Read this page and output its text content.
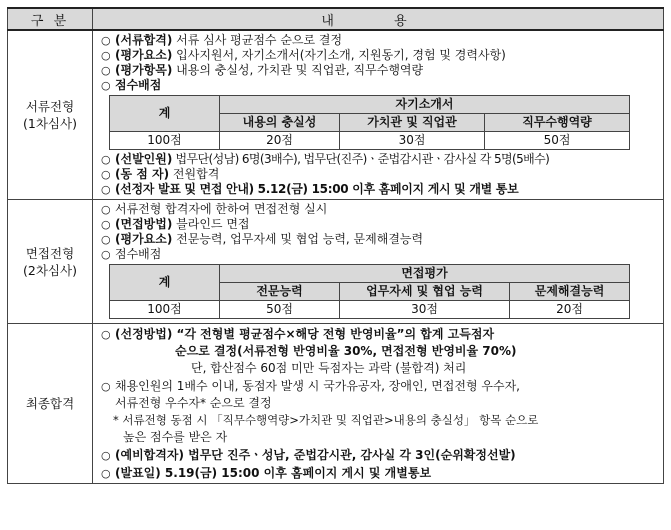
구 분	내 용

서류전형
(1차심사)

○ (서류합격) 서류 심사 평균점수 순으로 결정
○ (평가요소) 입사지원서, 자기소개서(자기소개, 지원동기, 경험 및 경력사항)
○ (평가항목) 내용의 충실성, 가치관 및 직업관, 직무수행역량
○ 점수배점
계	자기소개서
내용의 충실성	가치관 및 직업관	직무수행역량
100점	20점	30점	50점
○ (선발인원) 법무단(성남) 6명(3배수), 법무단(진주)ㆍ준법감시관ㆍ감사실 각 5명(5배수)
○ (동 점 자) 전원합격
○ (선정자 발표 및 면접 안내) 5.12(금) 15:00 이후 홈페이지 게시 및 개별 통보

면접전형
(2차심사)

○ 서류전형 합격자에 한하여 면접전형 실시
○ (면접방법) 블라인드 면접
○ (평가요소) 전문능력, 업무자세 및 협업 능력, 문제해결능력
○ 점수배점
계	면접평가
전문능력	업무자세 및 협업 능력	문제해결능력
100점	50점	30점	20점

최종합격	
○ (선정방법) “각 전형별 평균점수×해당 전형 반영비율”의 합계 고득점자
순으로 결정 (서류전형 반영비율 30%, 면접전형 반영비율 70%)
단, 합산점수 60점 미만 득점자는 과락 (불합격) 처리
○ 채용인원의 1배수 이내, 동점자 발생 시 국가유공자, 장애인, 면접전형 우수자,
서류전형 우수자* 순으로 결정
* 서류전형 동점 시 「직무수행역량>가치관 및 직업관>내용의 충실성」 항목 순으로
높은 점수를 받은 자
○ (예비합격자) 법무단 진주ㆍ성남, 준법감시관, 감사실 각 3인(순위확정선발)
○ (발표일) 5.19(금) 15:00 이후 홈페이지 게시 및 개별통보
